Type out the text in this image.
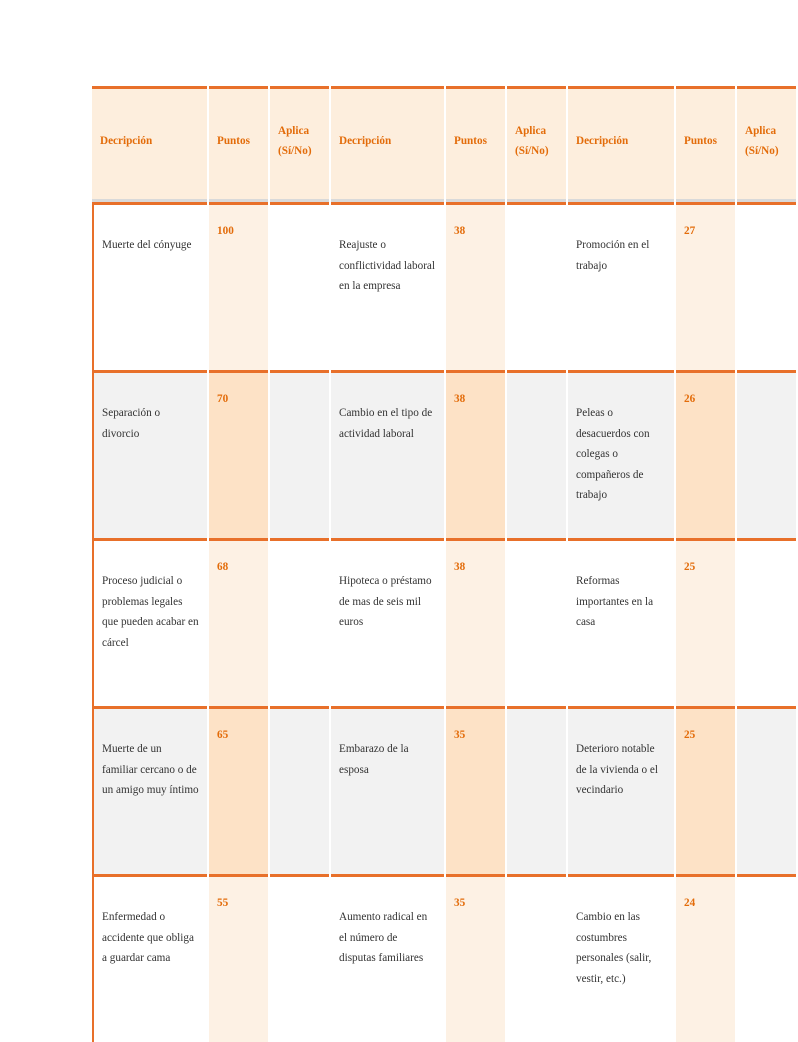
Decripción	Puntos	Aplica (Sí/No)	Decripción	Puntos	Aplica (Sí/No)	Decripción	Puntos	Aplica (Sí/No)
Muerte del cónyuge	100		Reajuste o conflictividad laboral en la empresa	38		Promoción en el trabajo	27	
Separación o divorcio	70		Cambio en el tipo de actividad laboral	38		Peleas o desacuerdos con colegas o compañeros de trabajo	26	
Proceso judicial o problemas legales que pueden acabar en cárcel	68		Hipoteca o préstamo de mas de seis mil euros	38		Reformas importantes en la casa	25	
Muerte de un familiar cercano o de un amigo muy íntimo	65		Embarazo de la esposa	35		Deterioro notable de la vivienda o el vecindario	25	
Enfermedad o accidente que obliga a guardar cama	55		Aumento radical en el número de disputas familiares	35		Cambio en las costumbres personales (salir, vestir, etc.)	24	
